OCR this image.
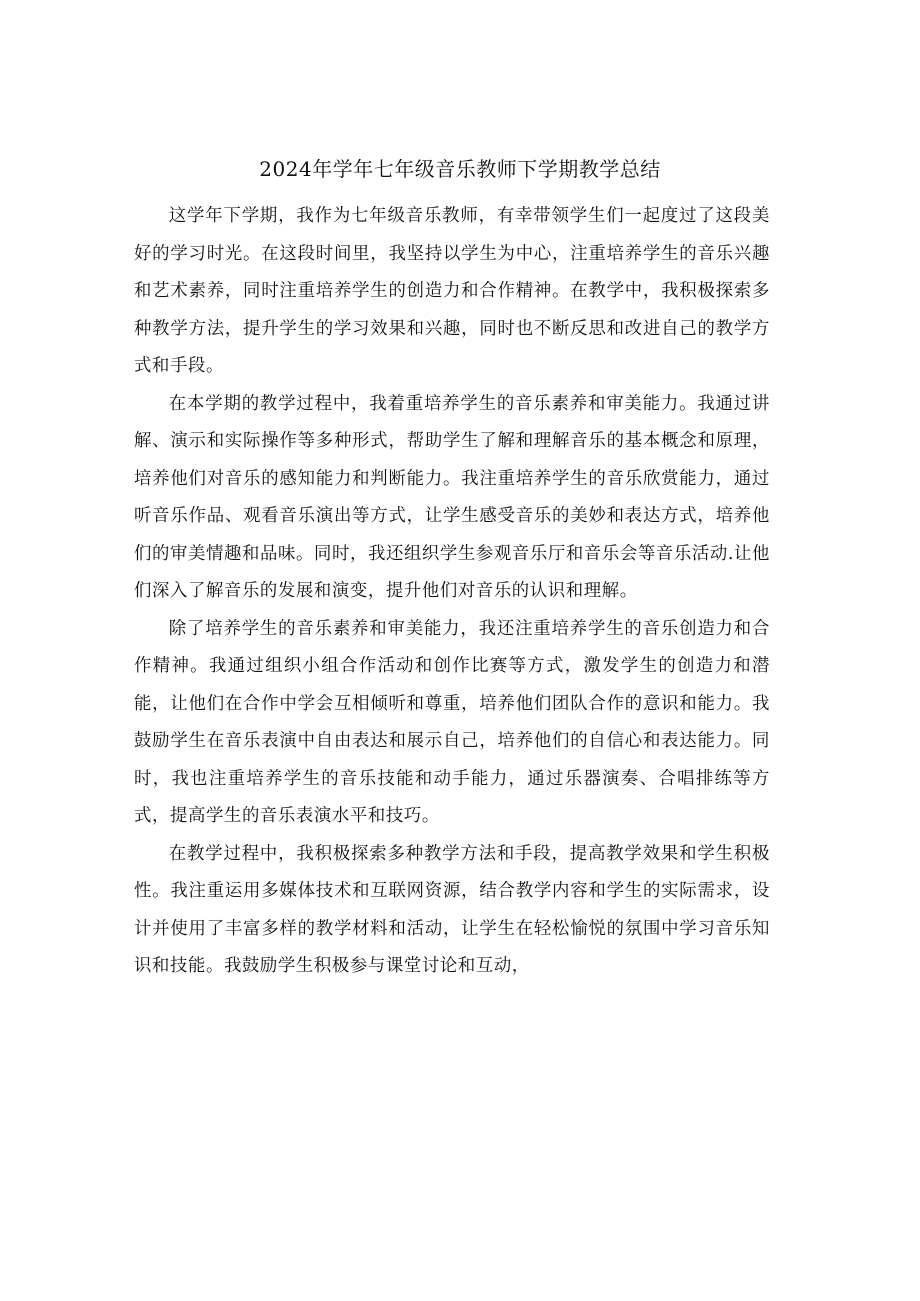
2024年学年七年级音乐教师下学期教学总结

这学年下学期，我作为七年级音乐教师，有幸带领学生们一起度过了这段美好的学习时光。在这段时间里，我坚持以学生为中心，注重培养学生的音乐兴趣和艺术素养，同时注重培养学生的创造力和合作精神。在教学中，我积极探索多种教学方法，提升学生的学习效果和兴趣，同时也不断反思和改进自己的教学方式和手段。

在本学期的教学过程中，我着重培养学生的音乐素养和审美能力。我通过讲解、演示和实际操作等多种形式，帮助学生了解和理解音乐的基本概念和原理，培养他们对音乐的感知能力和判断能力。我注重培养学生的音乐欣赏能力，通过听音乐作品、观看音乐演出等方式，让学生感受音乐的美妙和表达方式，培养他们的审美情趣和品味。同时，我还组织学生参观音乐厅和音乐会等音乐活动.让他们深入了解音乐的发展和演变，提升他们对音乐的认识和理解。

除了培养学生的音乐素养和审美能力，我还注重培养学生的音乐创造力和合作精神。我通过组织小组合作活动和创作比赛等方式，激发学生的创造力和潜能，让他们在合作中学会互相倾听和尊重，培养他们团队合作的意识和能力。我鼓励学生在音乐表演中自由表达和展示自己，培养他们的自信心和表达能力。同时，我也注重培养学生的音乐技能和动手能力，通过乐器演奏、合唱排练等方式，提高学生的音乐表演水平和技巧。

在教学过程中，我积极探索多种教学方法和手段，提高教学效果和学生积极性。我注重运用多媒体技术和互联网资源，结合教学内容和学生的实际需求，设计并使用了丰富多样的教学材料和活动，让学生在轻松愉悦的氛围中学习音乐知识和技能。我鼓励学生积极参与课堂讨论和互动，
